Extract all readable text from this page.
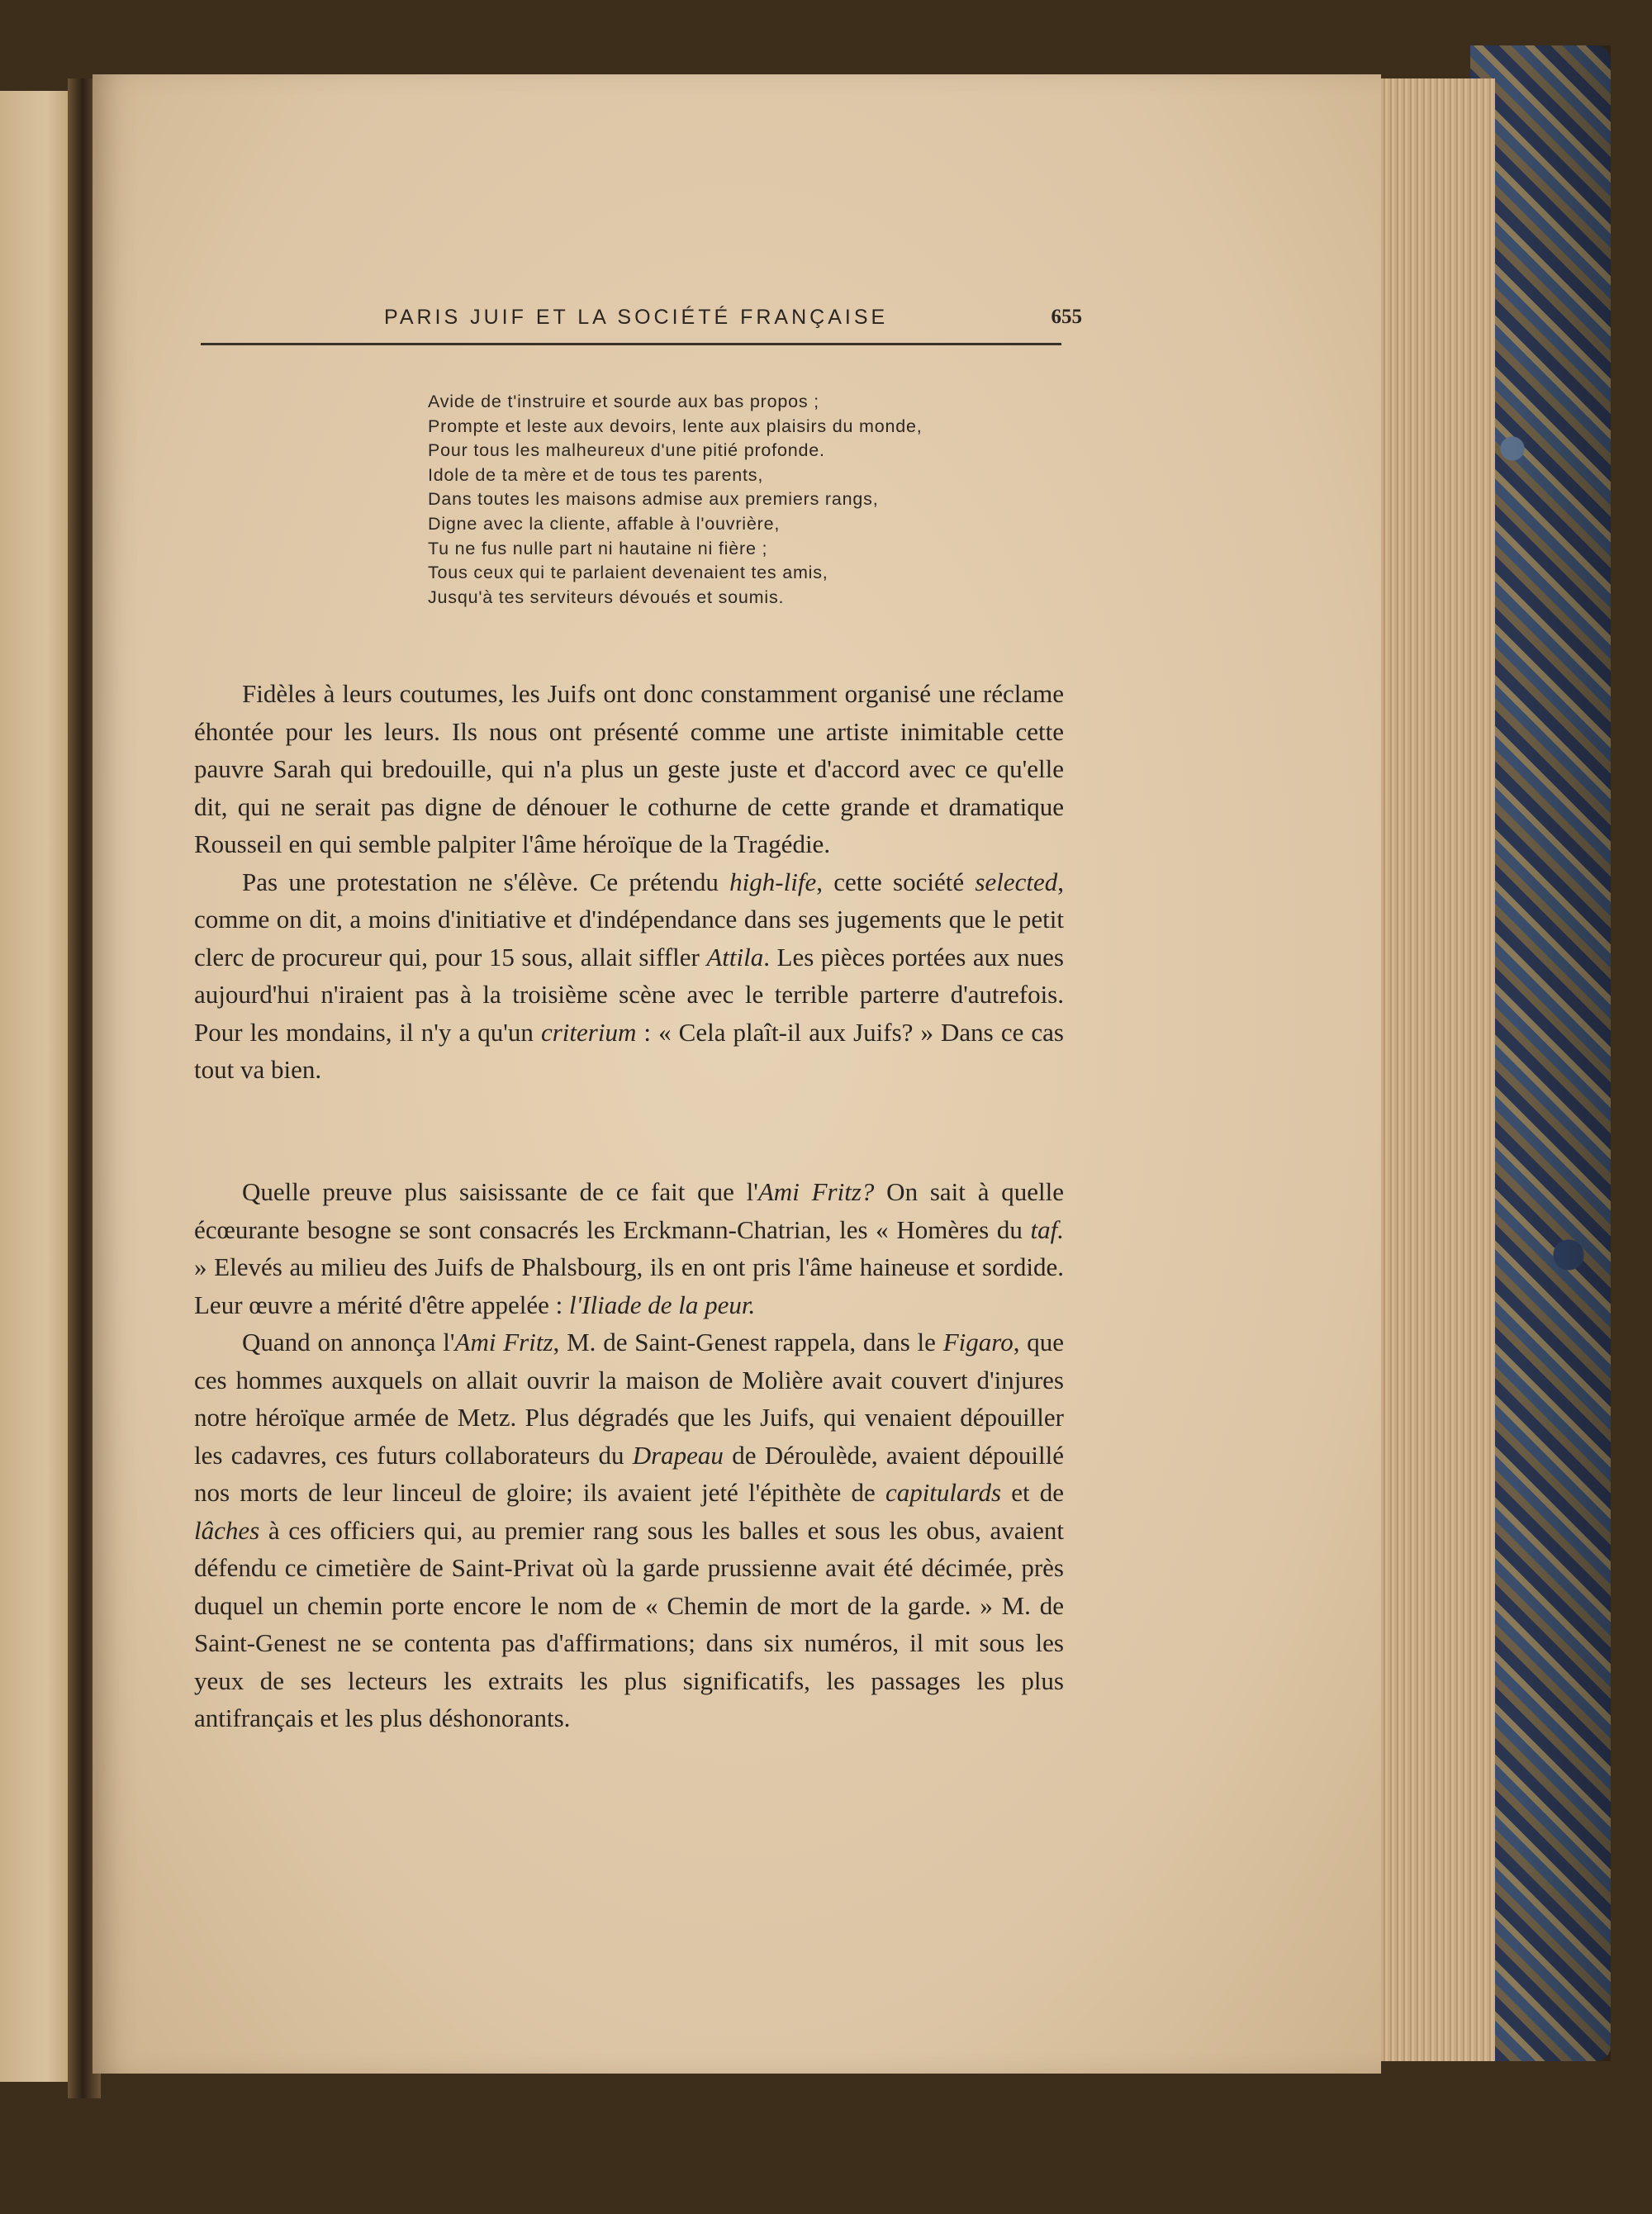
PARIS JUIF ET LA SOCIÉTÉ FRANÇAISE	655
Avide de t'instruire et sourde aux bas propos ;
Prompte et leste aux devoirs, lente aux plaisirs du monde,
Pour tous les malheureux d'une pitié profonde.
Idole de ta mère et de tous tes parents,
Dans toutes les maisons admise aux premiers rangs,
Digne avec la cliente, affable à l'ouvrière,
Tu ne fus nulle part ni hautaine ni fière ;
Tous ceux qui te parlaient devenaient tes amis,
Jusqu'à tes serviteurs dévoués et soumis.

Fidèles à leurs coutumes, les Juifs ont donc constamment organisé une réclame éhontée pour les leurs. Ils nous ont présenté comme une artiste inimitable cette pauvre Sarah qui bredouille, qui n'a plus un geste juste et d'accord avec ce qu'elle dit, qui ne serait pas digne de dénouer le cothurne de cette grande et dramatique Rousseil en qui semble palpiter l'âme héroïque de la Tragédie.

Pas une protestation ne s'élève. Ce prétendu high-life, cette société selected, comme on dit, a moins d'initiative et d'indépendance dans ses jugements que le petit clerc de procureur qui, pour 15 sous, allait siffler Attila. Les pièces portées aux nues aujourd'hui n'iraient pas à la troisième scène avec le terrible parterre d'autrefois. Pour les mondains, il n'y a qu'un criterium : « Cela plaît-il aux Juifs? » Dans ce cas tout va bien.

Quelle preuve plus saisissante de ce fait que l'Ami Fritz? On sait à quelle écœurante besogne se sont consacrés les Erckmann-Chatrian, les « Homères du taf. » Elevés au milieu des Juifs de Phalsbourg, ils en ont pris l'âme haineuse et sordide. Leur œuvre a mérité d'être appelée : l'Iliade de la peur.

Quand on annonça l'Ami Fritz, M. de Saint-Genest rappela, dans le Figaro, que ces hommes auxquels on allait ouvrir la maison de Molière avait couvert d'injures notre héroïque armée de Metz. Plus dégradés que les Juifs, qui venaient dépouiller les cadavres, ces futurs collaborateurs du Drapeau de Déroulède, avaient dépouillé nos morts de leur linceul de gloire; ils avaient jeté l'épithète de capitulards et de lâches à ces officiers qui, au premier rang sous les balles et sous les obus, avaient défendu ce cimetière de Saint-Privat où la garde prussienne avait été décimée, près duquel un chemin porte encore le nom de « Chemin de mort de la garde. » M. de Saint-Genest ne se contenta pas d'affirmations; dans six numéros, il mit sous les yeux de ses lecteurs les extraits les plus significatifs, les passages les plus antifrançais et les plus déshonorants.
